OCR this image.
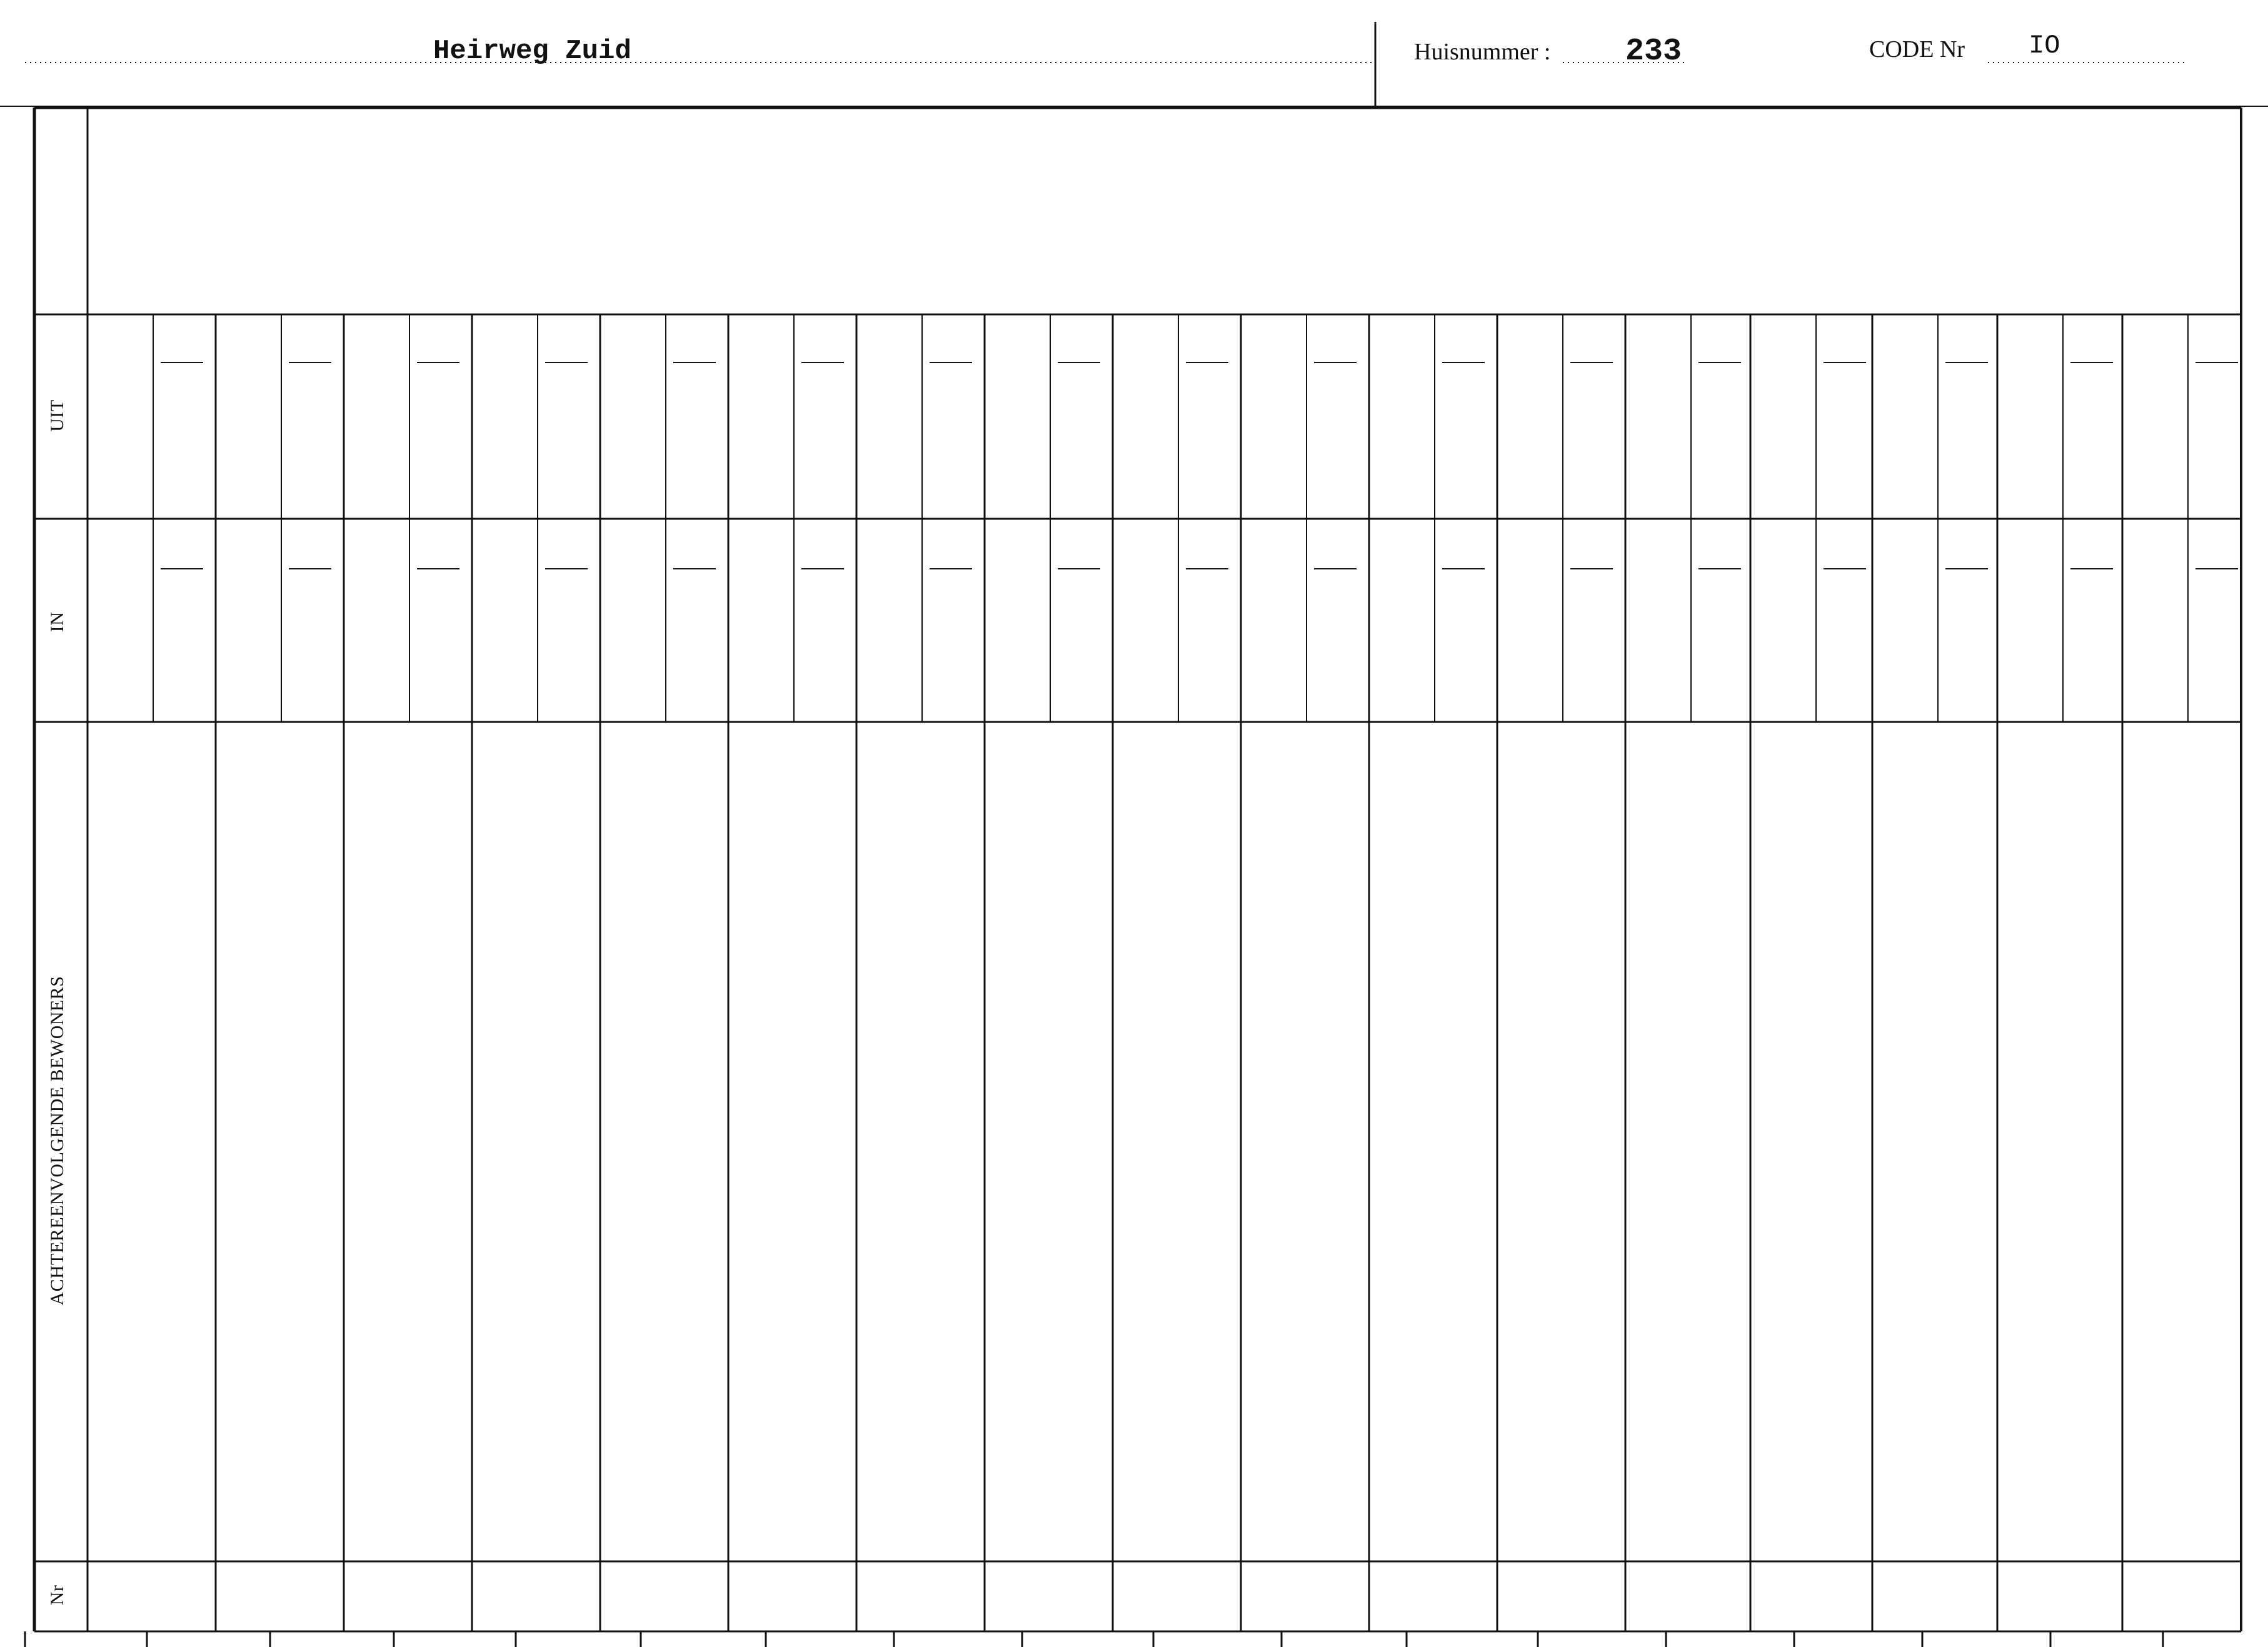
Heirweg Zuid	Huisnummer : 233	CODE Nr IO
UIT
IN
ACHTEREENVOLGENDE BEWONERS
Nr
